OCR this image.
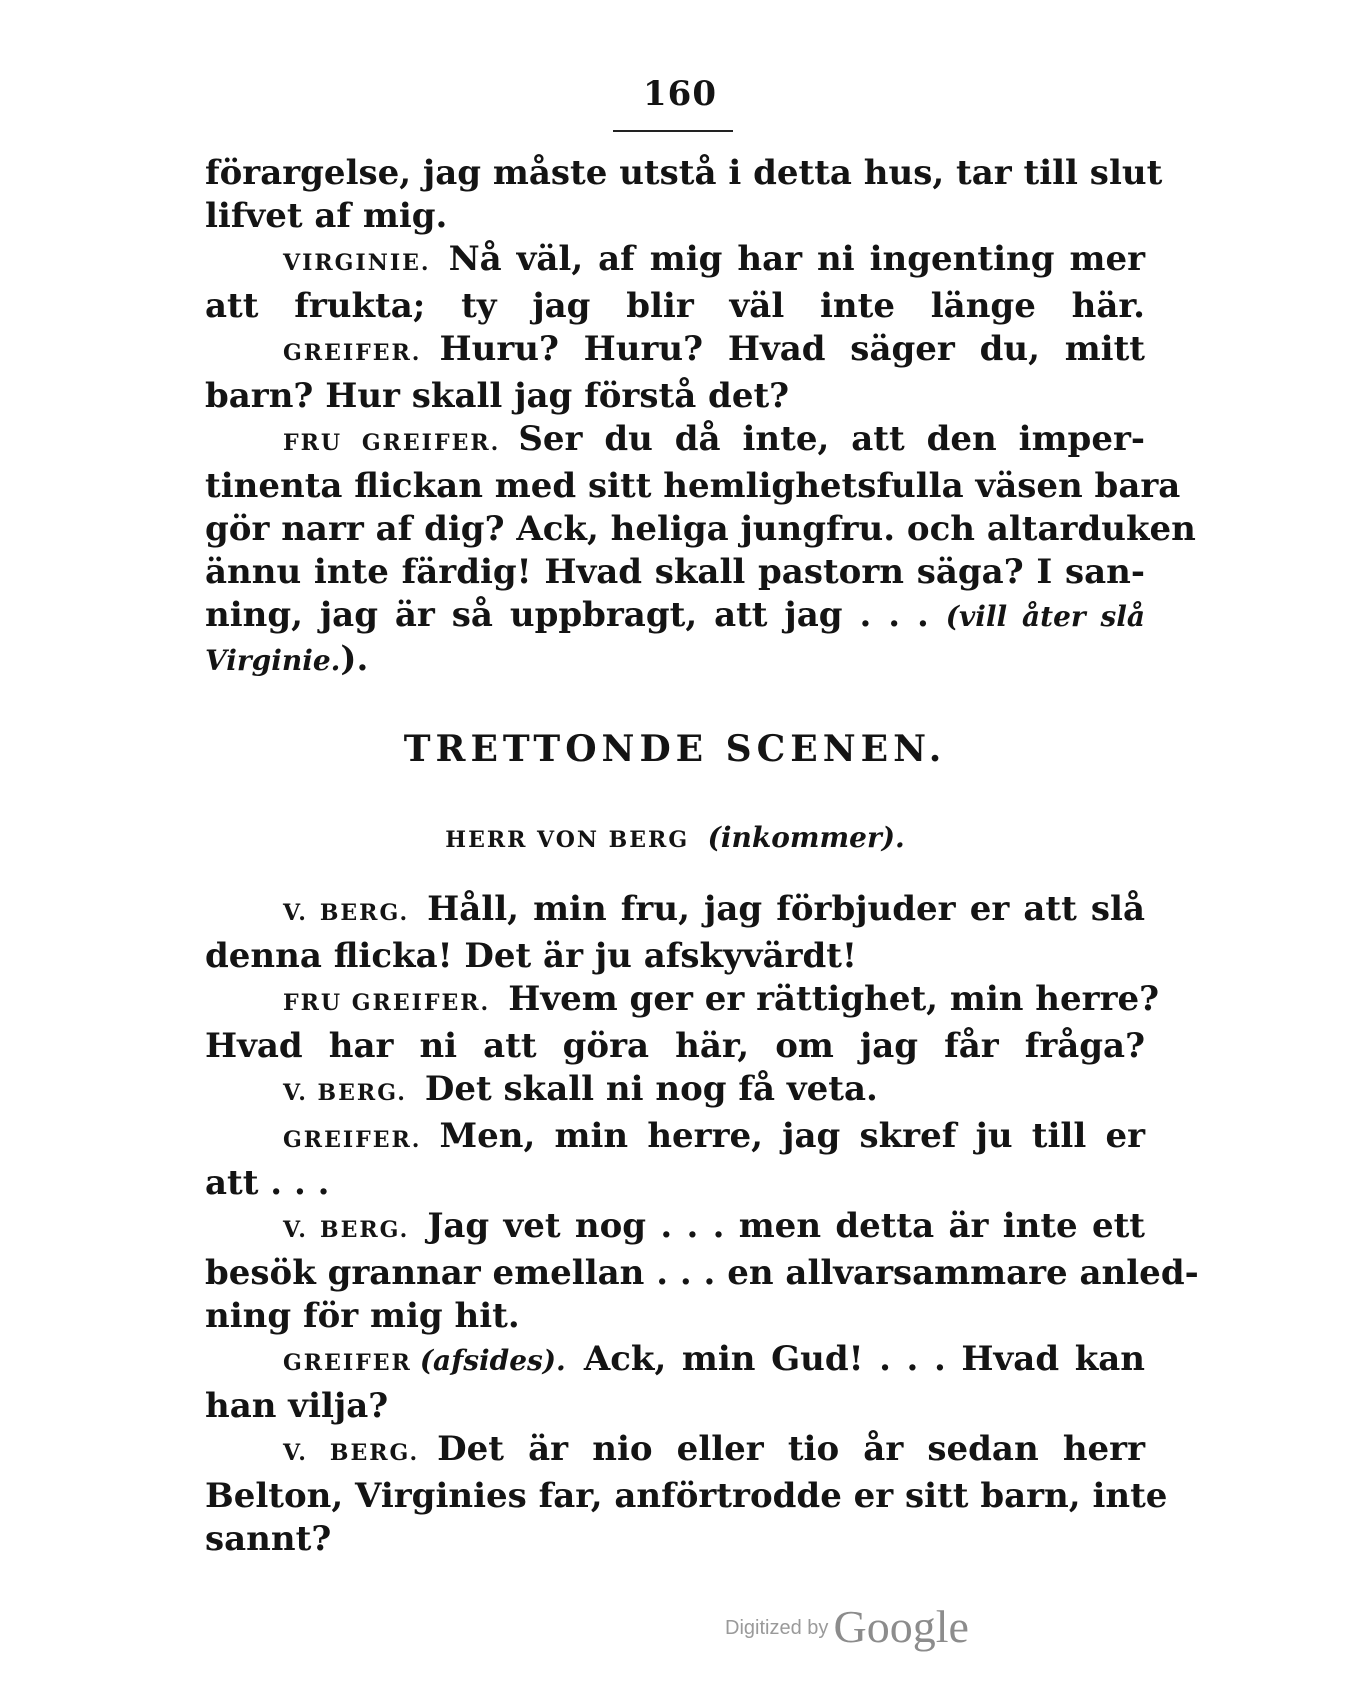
160
förargelse, jag måste utstå i detta hus, tar till slut
lifvet af mig.
VIRGINIE. Nå väl, af mig har ni ingenting mer
att frukta; ty jag blir väl inte länge här.
GREIFER. Huru? Huru? Hvad säger du, mitt
barn? Hur skall jag förstå det?
FRU GREIFER. Ser du då inte, att den imper-
tinenta flickan med sitt hemlighetsfulla väsen bara
gör narr af dig? Ack, heliga jungfru. och altarduken
ännu inte färdig! Hvad skall pastorn säga? I san-
ning, jag är så uppbragt, att jag . . . (vill åter slå
Virginie.).
TRETTONDE SCENEN.
HERR VON BERG (inkommer).
V. BERG. Håll, min fru, jag förbjuder er att slå
denna flicka! Det är ju afskyvärdt!
FRU GREIFER. Hvem ger er rättighet, min herre?
Hvad har ni att göra här, om jag får fråga?
V. BERG. Det skall ni nog få veta.
GREIFER. Men, min herre, jag skref ju till er
att . . .
V. BERG. Jag vet nog . . . men detta är inte ett
besök grannar emellan . . . en allvarsammare anled-
ning för mig hit.
GREIFER (afsides). Ack, min Gud! . . . Hvad kan
han vilja?
V. BERG. Det är nio eller tio år sedan herr
Belton, Virginies far, anförtrodde er sitt barn, inte
sannt?
Digitized by Google
